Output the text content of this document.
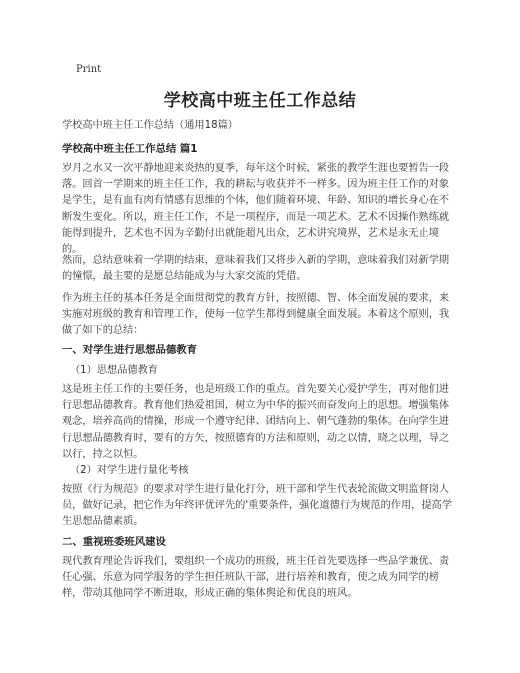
Print
学校高中班主任工作总结
学校高中班主任工作总结（通用18篇）
学校高中班主任工作总结 篇1
岁月之水又一次平静地迎来炎热的夏季，每年这个时候，紧张的教学生涯也要暂告一段落。回首一学期来的班主任工作，我的耕耘与收获并不一样多。因为班主任工作的对象是学生，是有血有肉有情感有思维的个体，他们随着环境、年龄、知识的增长身心在不断发生变化。所以，班主任工作，不是一项程序，而是一项艺术。艺术不因操作熟练就能得到提升，艺术也不因为辛勤付出就能超凡出众，艺术讲究境界，艺术是永无止境的。
然而，总结意味着一学期的结束，意味着我们又将步入新的学期，意味着我们对新学期的憧憬，最主要的是愿总结能成为与大家交流的凭借。
作为班主任的基本任务是全面贯彻党的教育方针，按照德、智、体全面发展的要求，来实施对班级的教育和管理工作，使每一位学生都得到健康全面发展。本着这个原则，我做了如下的总结：
一、对学生进行思想品德教育
（1）思想品德教育
这是班主任工作的主要任务，也是班级工作的重点。首先要关心爱护学生，再对他们进行思想品德教育。教育他们热爱祖国，树立为中华的振兴而奋发向上的思想。增强集体观念，培养高尚的情操，形成一个遵守纪律、团结向上、朝气蓬勃的集体。在向学生进行思想品德教育时，要有的方矢，按照德育的方法和原则，动之以情，晓之以理，导之以行，持之以恒。
（2）对学生进行量化考核
按照《行为规范》的要求对学生进行量化打分，班干部和学生代表轮流做文明监督岗人员，做好记录，把它作为年终评优评先的'重要条件，强化道德行为规范的作用，提高学生思想品德素质。
二、重视班委班风建设
现代教育理论告诉我们，要组织一个成功的班级，班主任首先要选择一些品学兼优、责任心强、乐意为同学服务的学生担任班队干部，进行培养和教育，使之成为同学的榜样，带动其他同学不断进取，形成正确的集体舆论和优良的班风。
